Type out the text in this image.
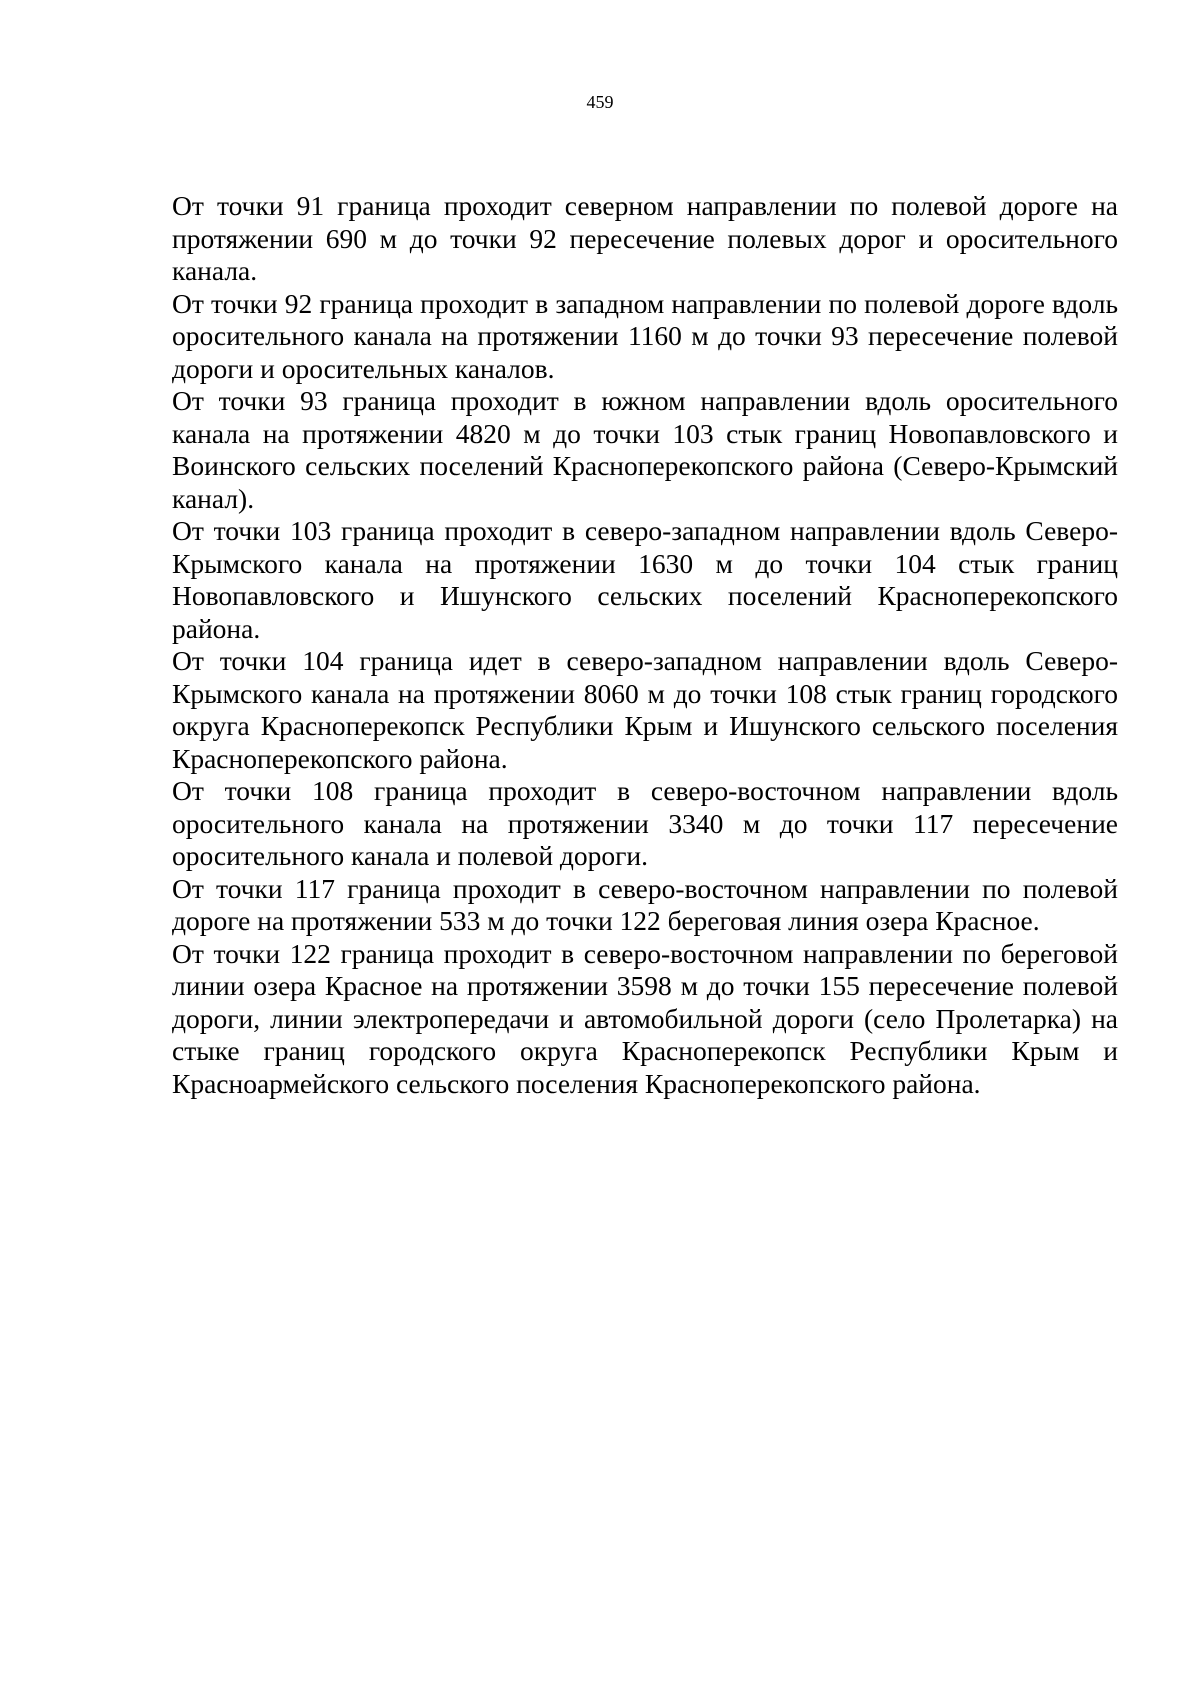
459

От точки 91 граница проходит северном направлении по полевой дороге на протяжении 690 м до точки 92 пересечение полевых дорог и оросительного канала.

От точки 92 граница проходит в западном направлении по полевой дороге вдоль оросительного канала на протяжении 1160 м до точки 93 пересечение полевой дороги и оросительных каналов.

От точки 93 граница проходит в южном направлении вдоль оросительного канала на протяжении 4820 м до точки 103 стык границ Новопавловского и Воинского сельских поселений Красноперекопского района (Северо-Крымский канал).

От точки 103 граница проходит в северо-западном направлении вдоль Северо-Крымского канала на протяжении 1630 м до точки 104 стык границ Новопавловского и Ишунского сельских поселений Красноперекопского района.

От точки 104 граница идет в северо-западном направлении вдоль Северо-Крымского канала на протяжении 8060 м до точки 108 стык границ городского округа Красноперекопск Республики Крым и Ишунского сельского поселения Красноперекопского района.

От точки 108 граница проходит в северо-восточном направлении вдоль оросительного канала на протяжении 3340 м до точки 117 пересечение оросительного канала и полевой дороги.

От точки 117 граница проходит в северо-восточном направлении по полевой дороге на протяжении 533 м до точки 122 береговая линия озера Красное.

От точки 122 граница проходит в северо-восточном направлении по береговой линии озера Красное на протяжении 3598 м до точки 155 пересечение полевой дороги, линии электропередачи и автомобильной дороги (село Пролетарка) на стыке границ городского округа Красноперекопск Республики Крым и Красноармейского сельского поселения Красноперекопского района.
